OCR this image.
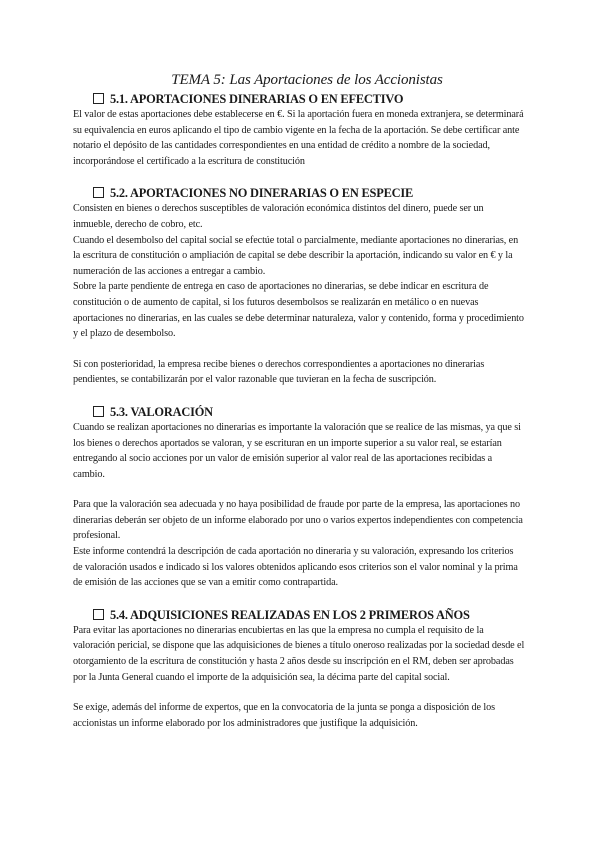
TEMA 5: Las Aportaciones de los Accionistas

5.1. APORTACIONES DINERARIAS O EN EFECTIVO

El valor de estas aportaciones debe establecerse en €. Si la aportación fuera en moneda extranjera, se determinará su equivalencia en euros aplicando el tipo de cambio vigente en la fecha de la aportación. Se debe certificar ante notario el depósito de las cantidades correspondientes en una entidad de crédito a nombre de la sociedad, incorporándose el certificado a la escritura de constitución

5.2. APORTACIONES NO DINERARIAS O EN ESPECIE

Consisten en bienes o derechos susceptibles de valoración económica distintos del dinero, puede ser un inmueble, derecho de cobro, etc.

Cuando el desembolso del capital social se efectúe total o parcialmente, mediante aportaciones no dinerarias, en la escritura de constitución o ampliación de capital se debe describir la aportación, indicando su valor en € y la numeración de las acciones a entregar a cambio.

Sobre la parte pendiente de entrega en caso de aportaciones no dinerarias, se debe indicar en escritura de constitución o de aumento de capital, si los futuros desembolsos se realizarán en metálico o en nuevas aportaciones no dinerarias, en las cuales se debe determinar naturaleza, valor y contenido, forma y procedimiento y el plazo de desembolso.

Si con posterioridad, la empresa recibe bienes o derechos correspondientes a aportaciones no dinerarias pendientes, se contabilizarán por el valor razonable que tuvieran en la fecha de suscripción.

5.3. VALORACIÓN

Cuando se realizan aportaciones no dinerarias es importante la valoración que se realice de las mismas, ya que si los bienes o derechos aportados se valoran, y se escrituran en un importe superior a su valor real, se estarían entregando al socio acciones por un valor de emisión superior al valor real de las aportaciones recibidas a cambio.

Para que la valoración sea adecuada y no haya posibilidad de fraude por parte de la empresa, las aportaciones no dinerarias deberán ser objeto de un informe elaborado por uno o varios expertos independientes con competencia profesional.

Este informe contendrá la descripción de cada aportación no dineraria y su valoración, expresando los criterios de valoración usados e indicado si los valores obtenidos aplicando esos criterios son el valor nominal y la prima de emisión de las acciones que se van a emitir como contrapartida.

5.4. ADQUISICIONES REALIZADAS EN LOS 2 PRIMEROS AÑOS

Para evitar las aportaciones no dinerarias encubiertas en las que la empresa no cumpla el requisito de la valoración pericial, se dispone que las adquisiciones de bienes a título oneroso realizadas por la sociedad desde el otorgamiento de la escritura de constitución y hasta 2 años desde su inscripción en el RM, deben ser aprobadas por la Junta General cuando el importe de la adquisición sea, la décima parte del capital social.

Se exige, además del informe de expertos, que en la convocatoria de la junta se ponga a disposición de los accionistas un informe elaborado por los administradores que justifique la adquisición.
